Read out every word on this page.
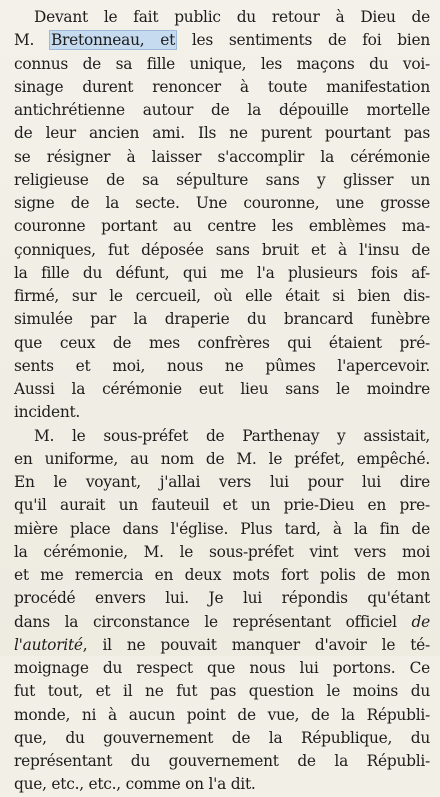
Devant le fait public du retour à Dieu de
M. Bretonneau, et les sentiments de foi bien
connus de sa fille unique, les maçons du voi-
sinage durent renoncer à toute manifestation
antichrétienne autour de la dépouille mortelle
de leur ancien ami. Ils ne purent pourtant pas
se résigner à laisser s'accomplir la cérémonie
religieuse de sa sépulture sans y glisser un
signe de la secte. Une couronne, une grosse
couronne portant au centre les emblèmes ma-
çonniques, fut déposée sans bruit et à l'insu de
la fille du défunt, qui me l'a plusieurs fois af-
firmé, sur le cercueil, où elle était si bien dis-
simulée par la draperie du brancard funèbre
que ceux de mes confrères qui étaient pré-
sents et moi, nous ne pûmes l'apercevoir.
Aussi la cérémonie eut lieu sans le moindre
incident.
M. le sous-préfet de Parthenay y assistait,
en uniforme, au nom de M. le préfet, empêché.
En le voyant, j'allai vers lui pour lui dire
qu'il aurait un fauteuil et un prie-Dieu en pre-
mière place dans l'église. Plus tard, à la fin de
la cérémonie, M. le sous-préfet vint vers moi
et me remercia en deux mots fort polis de mon
procédé envers lui. Je lui répondis qu'étant
dans la circonstance le représentant officiel de
l'autorité, il ne pouvait manquer d'avoir le té-
moignage du respect que nous lui portons. Ce
fut tout, et il ne fut pas question le moins du
monde, ni à aucun point de vue, de la Républi-
que, du gouvernement de la République, du
représentant du gouvernement de la Républi-
que, etc., etc., comme on l'a dit.
